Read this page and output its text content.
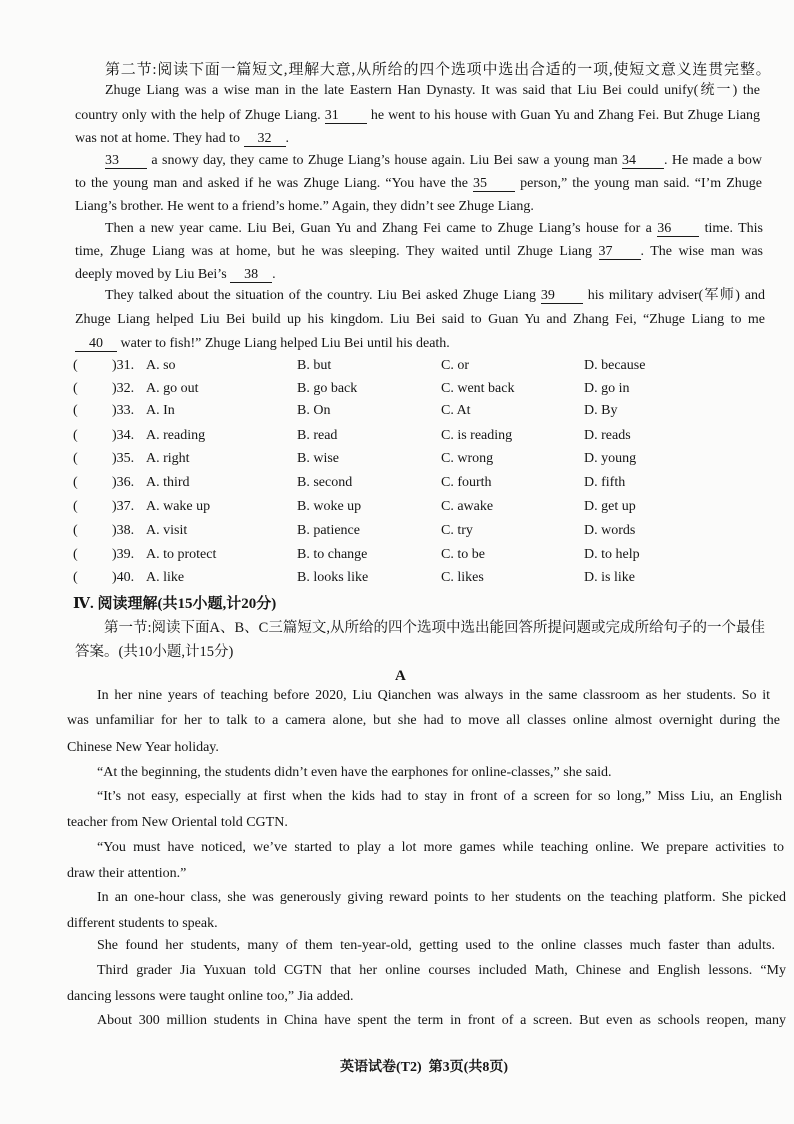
第二节:阅读下面一篇短文,理解大意,从所给的四个选项中选出合适的一项,使短文意义连贯完整。
Zhuge Liang was a wise man in the late Eastern Han Dynasty. It was said that Liu Bei could unify(统一) the
country only with the help of Zhuge Liang. 31 he went to his house with Guan Yu and Zhang Fei. But Zhuge Liang
was not at home. They had to 32 .
33 a snowy day, they came to Zhuge Liang’s house again. Liu Bei saw a young man 34 . He made a bow
to the young man and asked if he was Zhuge Liang. “You have the 35 person,” the young man said. “I’m Zhuge
Liang’s brother. He went to a friend’s home.” Again, they didn’t see Zhuge Liang.
Then a new year came. Liu Bei, Guan Yu and Zhang Fei came to Zhuge Liang’s house for a 36 time. This
time, Zhuge Liang was at home, but he was sleeping. They waited until Zhuge Liang 37 . The wise man was
deeply moved by Liu Bei’s 38 .
They talked about the situation of the country. Liu Bei asked Zhuge Liang 39 his military adviser(军师) and
Zhuge Liang helped Liu Bei build up his kingdom. Liu Bei said to Guan Yu and Zhang Fei, “Zhuge Liang to me
40 water to fish!” Zhuge Liang helped Liu Bei until his death.
( )31. A. so	B. but	C. or	D. because
( )32. A. go out	B. go back	C. went back	D. go in
( )33. A. In	B. On	C. At	D. By
( )34. A. reading	B. read	C. is reading	D. reads
( )35. A. right	B. wise	C. wrong	D. young
( )36. A. third	B. second	C. fourth	D. fifth
( )37. A. wake up	B. woke up	C. awake	D. get up
( )38. A. visit	B. patience	C. try	D. words
( )39. A. to protect	B. to change	C. to be	D. to help
( )40. A. like	B. looks like	C. likes	D. is like
Ⅳ. 阅读理解(共15小题,计20分)
第一节:阅读下面A、B、C三篇短文,从所给的四个选项中选出能回答所提问题或完成所给句子的一个最佳
答案。(共10小题,计15分)
A
In her nine years of teaching before 2020, Liu Qianchen was always in the same classroom as her students. So it
was unfamiliar for her to talk to a camera alone, but she had to move all classes online almost overnight during the
Chinese New Year holiday.
“At the beginning, the students didn’t even have the earphones for online-classes,” she said.
“It’s not easy, especially at first when the kids had to stay in front of a screen for so long,” Miss Liu, an English
teacher from New Oriental told CGTN.
“You must have noticed, we’ve started to play a lot more games while teaching online. We prepare activities to
draw their attention.”
In an one-hour class, she was generously giving reward points to her students on the teaching platform. She picked
different students to speak.
She found her students, many of them ten-year-old, getting used to the online classes much faster than adults.
Third grader Jia Yuxuan told CGTN that her online courses included Math, Chinese and English lessons. “My
dancing lessons were taught online too,” Jia added.
About 300 million students in China have spent the term in front of a screen. But even as schools reopen, many
英语试卷(T2) 第3页(共8页)
